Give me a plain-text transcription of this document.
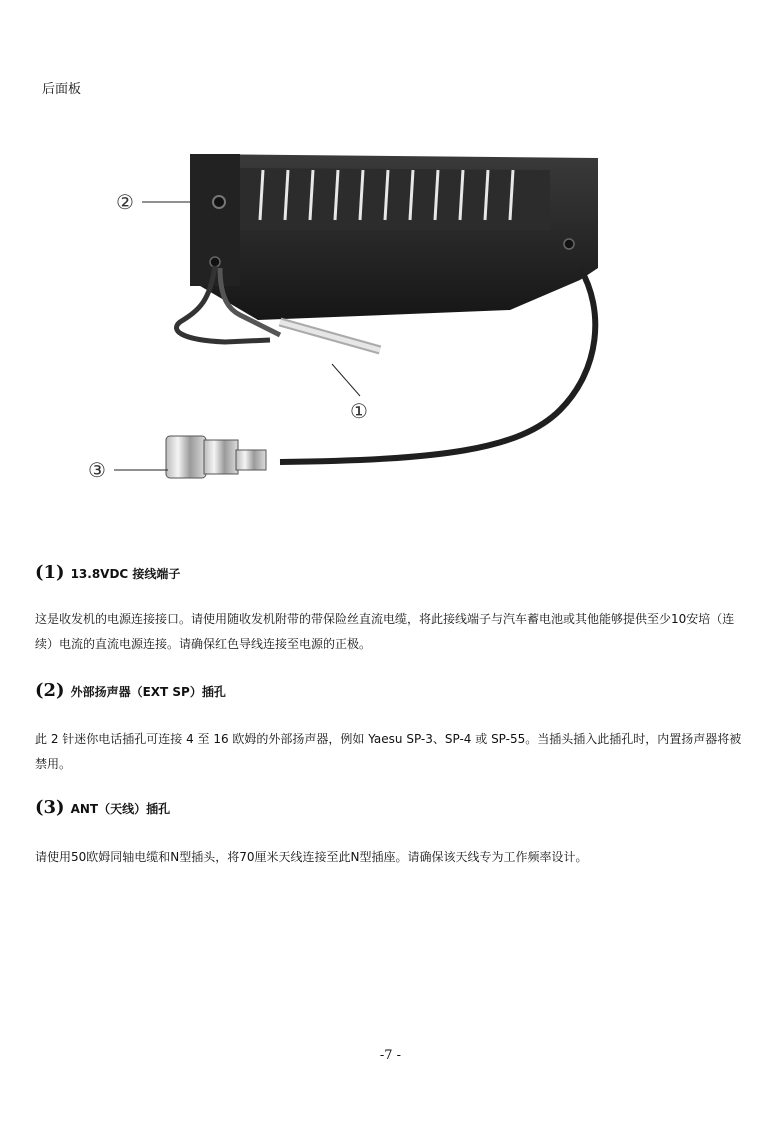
后面板
②
①
③
(1) 13.8VDC 接线端子
这是收发机的电源连接接口。请使用随收发机附带的带保险丝直流电缆，将此接线端子与汽车蓄电池或其他能够提供至少10安培（连续）电流的直流电源连接。请确保红色导线连接至电源的正极。
(2) 外部扬声器（EXT SP）插孔
此 2 针迷你电话插孔可连接 4 至 16 欧姆的外部扬声器，例如 Yaesu SP-3、SP-4 或 SP-55。当插头插入此插孔时，内置扬声器将被禁用。
(3) ANT（天线）插孔
请使用50欧姆同轴电缆和N型插头，将70厘米天线连接至此N型插座。请确保该天线专为工作频率设计。
-7 -
